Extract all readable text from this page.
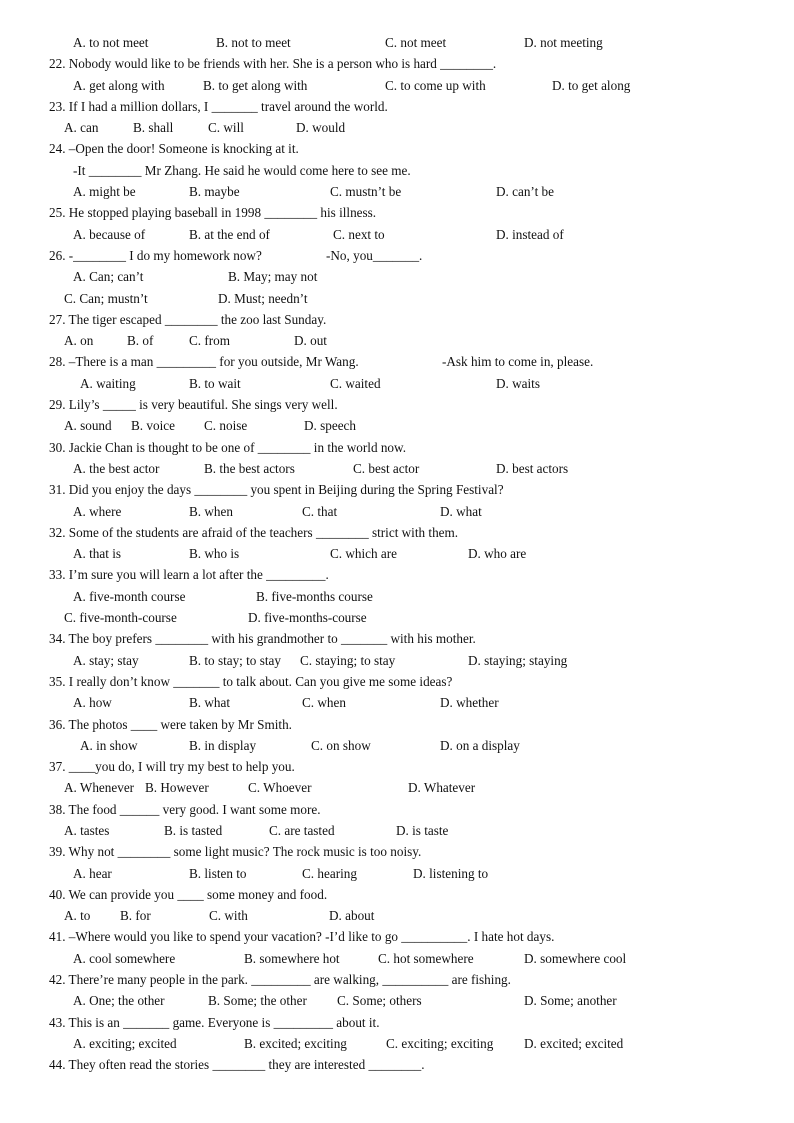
A. to not meet	B. not to meet	C. not meet	D. not meeting
22. Nobody would like to be friends with her. She is a person who is hard ________.
A. get along with	B. to get along with	C. to come up with	D. to get along
23. If I had a million dollars, I _______ travel around the world.
A. can	B. shall	C. will	D. would
24. –Open the door! Someone is knocking at it.
-It ________ Mr Zhang. He said he would come here to see me.
A. might be	B. maybe	C. mustn’t be	D. can’t be
25. He stopped playing baseball in 1998 ________ his illness.
A. because of	B. at the end of	C. next to	D. instead of
26. -________ I do my homework now?	-No, you_______.
A. Can; can’t	B. May; may not
C. Can; mustn’t	D. Must; needn’t
27. The tiger escaped ________ the zoo last Sunday.
A. on	B. of	C. from	D. out
28. –There is a man _________ for you outside, Mr Wang.	-Ask him to come in, please.
A. waiting	B. to wait	C. waited	D. waits
29. Lily’s _____ is very beautiful. She sings very well.
A. sound B. voice C. noise	D. speech
30. Jackie Chan is thought to be one of ________ in the world now.
A. the best actor	B. the best actors	C. best actor	D. best actors
31. Did you enjoy the days ________ you spent in Beijing during the Spring Festival?
A. where	B. when	C. that	D. what
32. Some of the students are afraid of the teachers ________ strict with them.
A. that is	B. who is	C. which are	D. who are
33. I’m sure you will learn a lot after the _________.
A. five-month course	B. five-months course
C. five-month-course	D. five-months-course
34. The boy prefers ________ with his grandmother to _______ with his mother.
A. stay; stay	B. to stay; to stay C. staying; to stay	D. staying; staying
35. I really don’t know _______ to talk about. Can you give me some ideas?
A. how	B. what	C. when	D. whether
36. The photos ____ were taken by Mr Smith.
A. in show	B. in display	C. on show	D. on a display
37. ____you do, I will try my best to help you.
A. Whenever B. However	C. Whoever	D. Whatever
38. The food ______ very good. I want some more.
A. tastes	B. is tasted	C. are tasted	D. is taste
39. Why not ________ some light music? The rock music is too noisy.
A. hear	B. listen to	C. hearing	D. listening to
40. We can provide you ____ some money and food.
A. to B. for	C. with	D. about
41. –Where would you like to spend your vacation? -I’d like to go __________. I hate hot days.
A. cool somewhere	B. somewhere hot	C. hot somewhere	D. somewhere cool
42. There’re many people in the park. _________ are walking, __________ are fishing.
A. One; the other	B. Some; the other C. Some; others	D. Some; another
43. This is an _______ game. Everyone is _________ about it.
A. exciting; excited	B. excited; exciting	C. exciting; exciting D. excited; excited
44. They often read the stories ________ they are interested ________.
